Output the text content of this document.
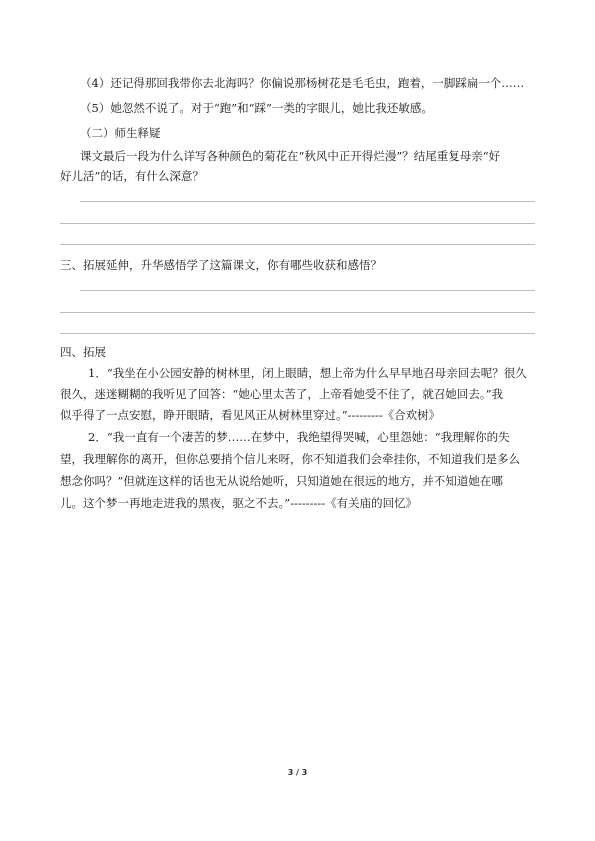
（4）还记得那回我带你去北海吗？你偏说那杨树花是毛毛虫，跑着，一脚踩扁一个……
（5）她忽然不说了。对于“跑”和“踩”一类的字眼儿，她比我还敏感。
（二）师生释疑
课文最后一段为什么详写各种颜色的菊花在“秋风中正开得烂漫”？结尾重复母亲“好
好儿活”的话，有什么深意？
三、拓展延伸，升华感悟学了这篇课文，你有哪些收获和感悟？
四、拓展
1．“我坐在小公园安静的树林里，闭上眼睛，想上帝为什么早早地召母亲回去呢？很久
很久，迷迷糊糊的我听见了回答：“她心里太苦了，上帝看她受不住了，就召她回去。”我
似乎得了一点安慰，睁开眼睛，看见风正从树林里穿过。”---------《合欢树》
2．“我一直有一个凄苦的梦……在梦中，我绝望得哭喊，心里怨她：“我理解你的失
望，我理解你的离开，但你总要捎个信儿来呀，你不知道我们会牵挂你，不知道我们是多么
想念你吗？”但就连这样的话也无从说给她听，只知道她在很远的地方，并不知道她在哪
儿。这个梦一再地走进我的黑夜，驱之不去。”---------《有关庙的回忆》
3 / 3
